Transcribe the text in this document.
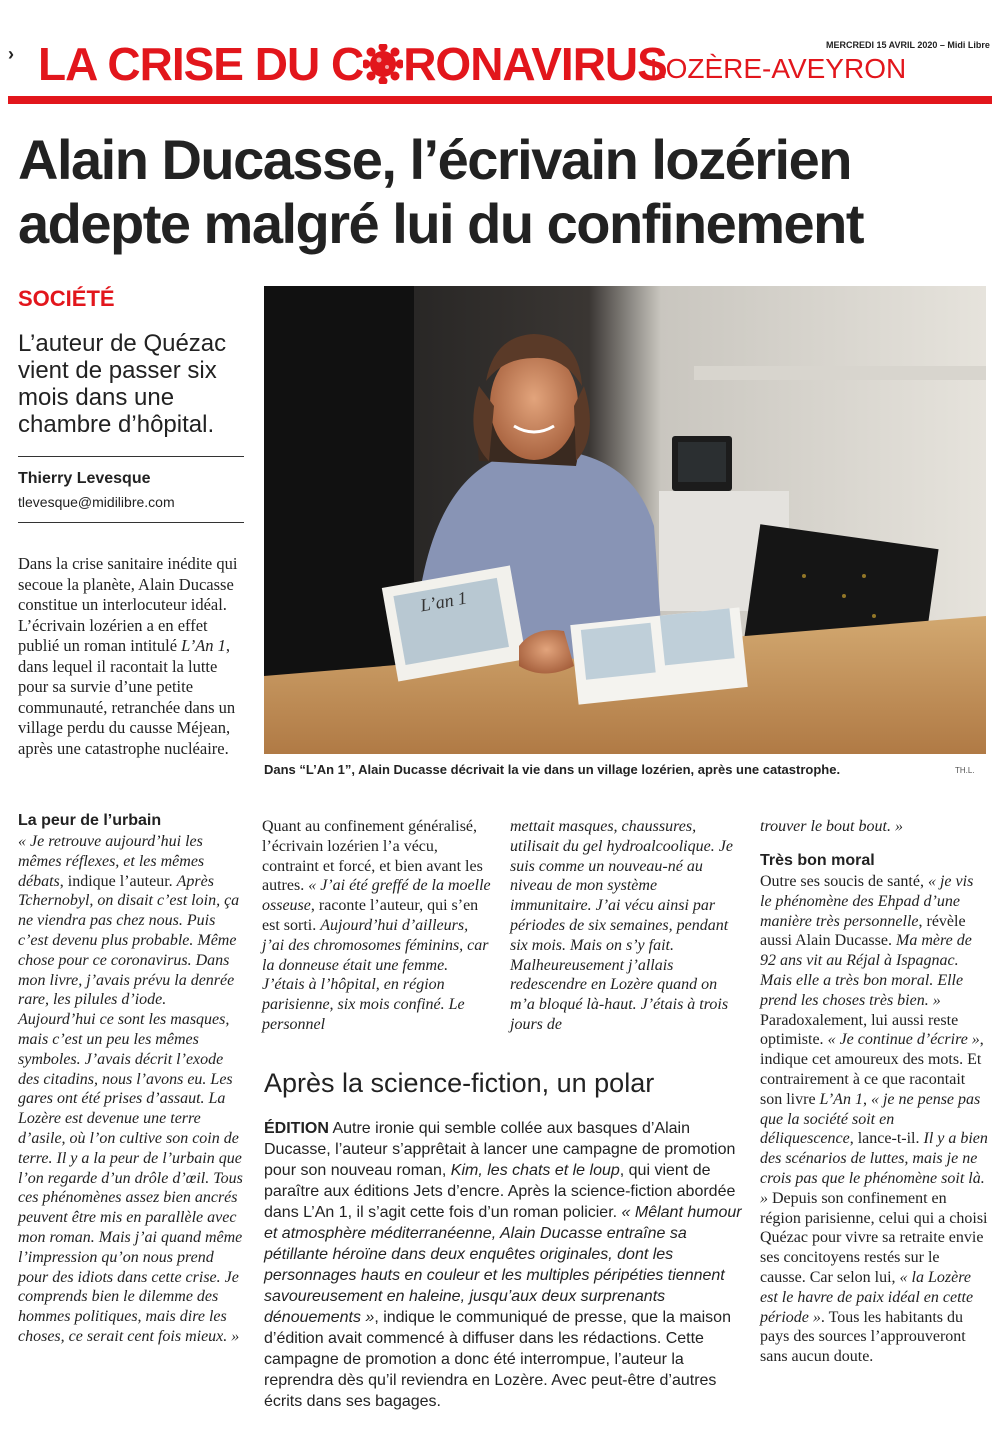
› LA CRISE DU C RONAVIRUS
LOZÈRE-AVEYRON
MERCREDI 15 AVRIL 2020 – Midi Libre
Alain Ducasse, l’écrivain lozérien adepte malgré lui du confinement
SOCIÉTÉ
L’auteur de Quézac vient de passer six mois dans une chambre d’hôpital.
Thierry Levesque
tlevesque@midilibre.com
Dans la crise sanitaire inédite qui secoue la planète, Alain Ducasse constitue un interlocuteur idéal. L’écrivain lozérien a en effet publié un roman intitulé L’An 1, dans lequel il racontait la lutte pour sa survie d’une petite communauté, retranchée dans un village perdu du causse Méjean, après une catastrophe nucléaire.
L’an 1
Dans “L’An 1”, Alain Ducasse décrivait la vie dans un village lozérien, après une catastrophe.	TH.L.
La peur de l’urbain
« Je retrouve aujourd’hui les mêmes réflexes, et les mêmes débats, indique l’auteur. Après Tchernobyl, on disait c’est loin, ça ne viendra pas chez nous. Puis c’est devenu plus probable. Même chose pour ce coronavirus. Dans mon livre, j’avais prévu la denrée rare, les pilules d’iode. Aujourd’hui ce sont les masques, mais c’est un peu les mêmes symboles. J’avais décrit l’exode des citadins, nous l’avons eu. Les gares ont été prises d’assaut. La Lozère est devenue une terre d’asile, où l’on cultive son coin de terre. Il y a la peur de l’urbain que l’on regarde d’un drôle d’œil. Tous ces phénomènes assez bien ancrés peuvent être mis en parallèle avec mon roman. Mais j’ai quand même l’impression qu’on nous prend pour des idiots dans cette crise. Je comprends bien le dilemme des hommes politiques, mais dire les choses, ce serait cent fois mieux. »
Quant au confinement généralisé, l’écrivain lozérien l’a vécu, contraint et forcé, et bien avant les autres. « J’ai été greffé de la moelle osseuse, raconte l’auteur, qui s’en est sorti. Aujourd’hui d’ailleurs, j’ai des chromosomes féminins, car la donneuse était une femme. J’étais à l’hôpital, en région parisienne, six mois confiné. Le personnel
mettait masques, chaussures, utilisait du gel hydroalcoolique. Je suis comme un nouveau-né au niveau de mon système immunitaire. J’ai vécu ainsi par périodes de six semaines, pendant six mois. Mais on s’y fait. Malheureusement j’allais redescendre en Lozère quand on m’a bloqué là-haut. J’étais à trois jours de
trouver le bout bout. »
Très bon moral
Outre ses soucis de santé, « je vis le phénomène des Ehpad d’une manière très personnelle, révèle aussi Alain Ducasse. Ma mère de 92 ans vit au Réjal à Ispagnac. Mais elle a très bon moral. Elle prend les choses très bien. » Paradoxalement, lui aussi reste optimiste. « Je continue d’écrire », indique cet amoureux des mots. Et contrairement à ce que racontait son livre L’An 1, « je ne pense pas que la société soit en déliquescence, lance-t-il. Il y a bien des scénarios de luttes, mais je ne crois pas que le phénomène soit là. » Depuis son confinement en région parisienne, celui qui a choisi Quézac pour vivre sa retraite envie ses concitoyens restés sur le causse. Car selon lui, « la Lozère est le havre de paix idéal en cette période ». Tous les habitants du pays des sources l’approuveront sans aucun doute.
Après la science-fiction, un polar
ÉDITION Autre ironie qui semble collée aux basques d’Alain Ducasse, l’auteur s’apprêtait à lancer une campagne de promotion pour son nouveau roman, Kim, les chats et le loup, qui vient de paraître aux éditions Jets d’encre. Après la science-fiction abordée dans L’An 1, il s’agit cette fois d’un roman policier. « Mêlant humour et atmosphère méditerranéenne, Alain Ducasse entraîne sa pétillante héroïne dans deux enquêtes originales, dont les personnages hauts en couleur et les multiples péripéties tiennent savoureusement en haleine, jusqu’aux deux surprenants dénouements », indique le communiqué de presse, que la maison d’édition avait commencé à diffuser dans les rédactions. Cette campagne de promotion a donc été interrompue, l’auteur la reprendra dès qu’il reviendra en Lozère. Avec peut-être d’autres écrits dans ses bagages.
